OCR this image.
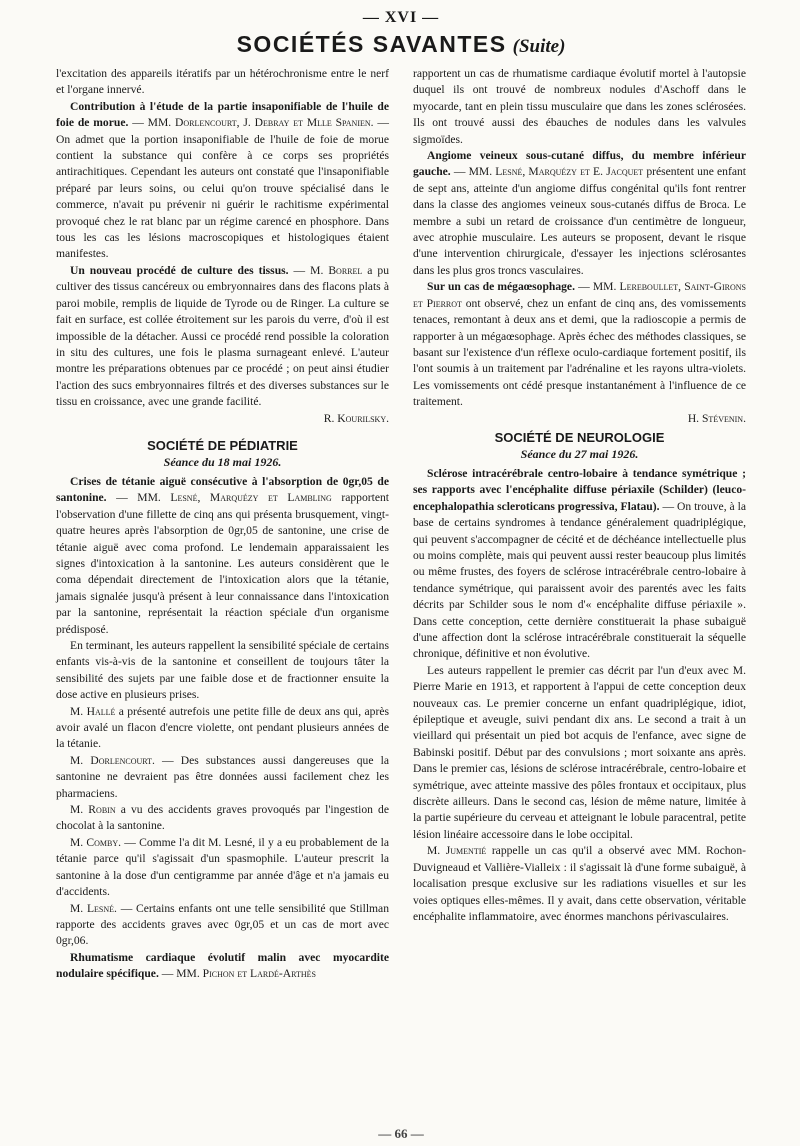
— XVI —
SOCIÉTÉS SAVANTES (Suite)

l'excitation des appareils itératifs par un hétérochronisme entre le nerf et l'organe innervé.

Contribution à l'étude de la partie insaponifiable de l'huile de foie de morue. — MM. Dorlencourt, J. Debray et Mlle Spanien. — On admet que la portion insaponifiable de l'huile de foie de morue contient la substance qui confère à ce corps ses propriétés antirachitiques. Cependant les auteurs ont constaté que l'insaponifiable préparé par leurs soins, ou celui qu'on trouve spécialisé dans le commerce, n'avait pu prévenir ni guérir le rachitisme expérimental provoqué chez le rat blanc par un régime carencé en phosphore. Dans tous les cas les lésions macroscopiques et histologiques étaient manifestes.

Un nouveau procédé de culture des tissus. — M. Borrel a pu cultiver des tissus cancéreux ou embryonnaires dans des flacons plats à paroi mobile, remplis de liquide de Tyrode ou de Ringer. La culture se fait en surface, est collée étroitement sur les parois du verre, d'où il est impossible de la détacher. Aussi ce procédé rend possible la coloration in situ des cultures, une fois le plasma surnageant enlevé. L'auteur montre les préparations obtenues par ce procédé ; on peut ainsi étudier l'action des sucs embryonnaires filtrés et des diverses substances sur le tissu en croissance, avec une grande facilité.

R. Kourilsky.

SOCIÉTÉ DE PÉDIATRIE
Séance du 18 mai 1926.

Crises de tétanie aiguë consécutive à l'absorption de 0gr,05 de santonine. — MM. Lesné, Marquézy et Lambling rapportent l'observation d'une fillette de cinq ans qui présenta brusquement, vingt-quatre heures après l'absorption de 0gr,05 de santonine, une crise de tétanie aiguë avec coma profond. Le lendemain apparaissaient les signes d'intoxication à la santonine. Les auteurs considèrent que le coma dépendait directement de l'intoxication alors que la tétanie, jamais signalée jusqu'à présent à leur connaissance dans l'intoxication par la santonine, représentait la réaction spéciale d'un organisme prédisposé.

En terminant, les auteurs rappellent la sensibilité spéciale de certains enfants vis-à-vis de la santonine et conseillent de toujours tâter la sensibilité des sujets par une faible dose et de fractionner ensuite la dose active en plusieurs prises.

M. Hallé a présenté autrefois une petite fille de deux ans qui, après avoir avalé un flacon d'encre violette, ont pendant plusieurs années de la tétanie.

M. Dorlencourt. — Des substances aussi dangereuses que la santonine ne devraient pas être données aussi facilement chez les pharmaciens.

M. Robin a vu des accidents graves provoqués par l'ingestion de chocolat à la santonine.

M. Comby. — Comme l'a dit M. Lesné, il y a eu probablement de la tétanie parce qu'il s'agissait d'un spasmophile. L'auteur prescrit la santonine à la dose d'un centigramme par année d'âge et n'a jamais eu d'accidents.

M. Lesné. — Certains enfants ont une telle sensibilité que Stillman rapporte des accidents graves avec 0gr,05 et un cas de mort avec 0gr,06.

Rhumatisme cardiaque évolutif malin avec myocardite nodulaire spécifique. — MM. Pichon et Lardé-Arthès

rapportent un cas de rhumatisme cardiaque évolutif mortel à l'autopsie duquel ils ont trouvé de nombreux nodules d'Aschoff dans le myocarde, tant en plein tissu musculaire que dans les zones sclérosées. Ils ont trouvé aussi des ébauches de nodules dans les valvules sigmoïdes.

Angiome veineux sous-cutané diffus, du membre inférieur gauche. — MM. Lesné, Marquézy et E. Jacquet présentent une enfant de sept ans, atteinte d'un angiome diffus congénital qu'ils font rentrer dans la classe des angiomes veineux sous-cutanés diffus de Broca. Le membre a subi un retard de croissance d'un centimètre de longueur, avec atrophie musculaire. Les auteurs se proposent, devant le risque d'une intervention chirurgicale, d'essayer les injections sclérosantes dans les plus gros troncs vasculaires.

Sur un cas de mégaœsophage. — MM. Lereboullet, Saint-Girons et Pierrot ont observé, chez un enfant de cinq ans, des vomissements tenaces, remontant à deux ans et demi, que la radioscopie a permis de rapporter à un mégaœsophage. Après échec des méthodes classiques, se basant sur l'existence d'un réflexe oculo-cardiaque fortement positif, ils l'ont soumis à un traitement par l'adrénaline et les rayons ultra-violets. Les vomissements ont cédé presque instantanément à l'influence de ce traitement.

H. Stévenin.

SOCIÉTÉ DE NEUROLOGIE
Séance du 27 mai 1926.

Sclérose intracérébrale centro-lobaire à tendance symétrique ; ses rapports avec l'encéphalite diffuse périaxile (Schilder) (leuco-encephalopathia scleroticans progressiva, Flatau). — On trouve, à la base de certains syndromes à tendance généralement quadriplégique, qui peuvent s'accompagner de cécité et de déchéance intellectuelle plus ou moins complète, mais qui peuvent aussi rester beaucoup plus limités ou même frustes, des foyers de sclérose intracérébrale centro-lobaire à tendance symétrique, qui paraissent avoir des parentés avec les faits décrits par Schilder sous le nom d'« encéphalite diffuse périaxile ». Dans cette conception, cette dernière constituerait la phase subaiguë d'une affection dont la sclérose intracérébrale constituerait la séquelle chronique, définitive et non évolutive.

Les auteurs rappellent le premier cas décrit par l'un d'eux avec M. Pierre Marie en 1913, et rapportent à l'appui de cette conception deux nouveaux cas. Le premier concerne un enfant quadriplégique, idiot, épileptique et aveugle, suivi pendant dix ans. Le second a trait à un vieillard qui présentait un pied bot acquis de l'enfance, avec signe de Babinski positif. Début par des convulsions ; mort soixante ans après. Dans le premier cas, lésions de sclérose intracérébrale, centro-lobaire et symétrique, avec atteinte massive des pôles frontaux et occipitaux, plus discrète ailleurs. Dans le second cas, lésion de même nature, limitée à la partie supérieure du cerveau et atteignant le lobule paracentral, petite lésion linéaire accessoire dans le lobe occipital.

M. Jumentié rappelle un cas qu'il a observé avec MM. Rochon-Duvigneaud et Vallière-Vialleix : il s'agissait là d'une forme subaiguë, à localisation presque exclusive sur les radiations visuelles et sur les voies optiques elles-mêmes. Il y avait, dans cette observation, véritable encéphalite inflammatoire, avec énormes manchons périvasculaires.

— 66 —
